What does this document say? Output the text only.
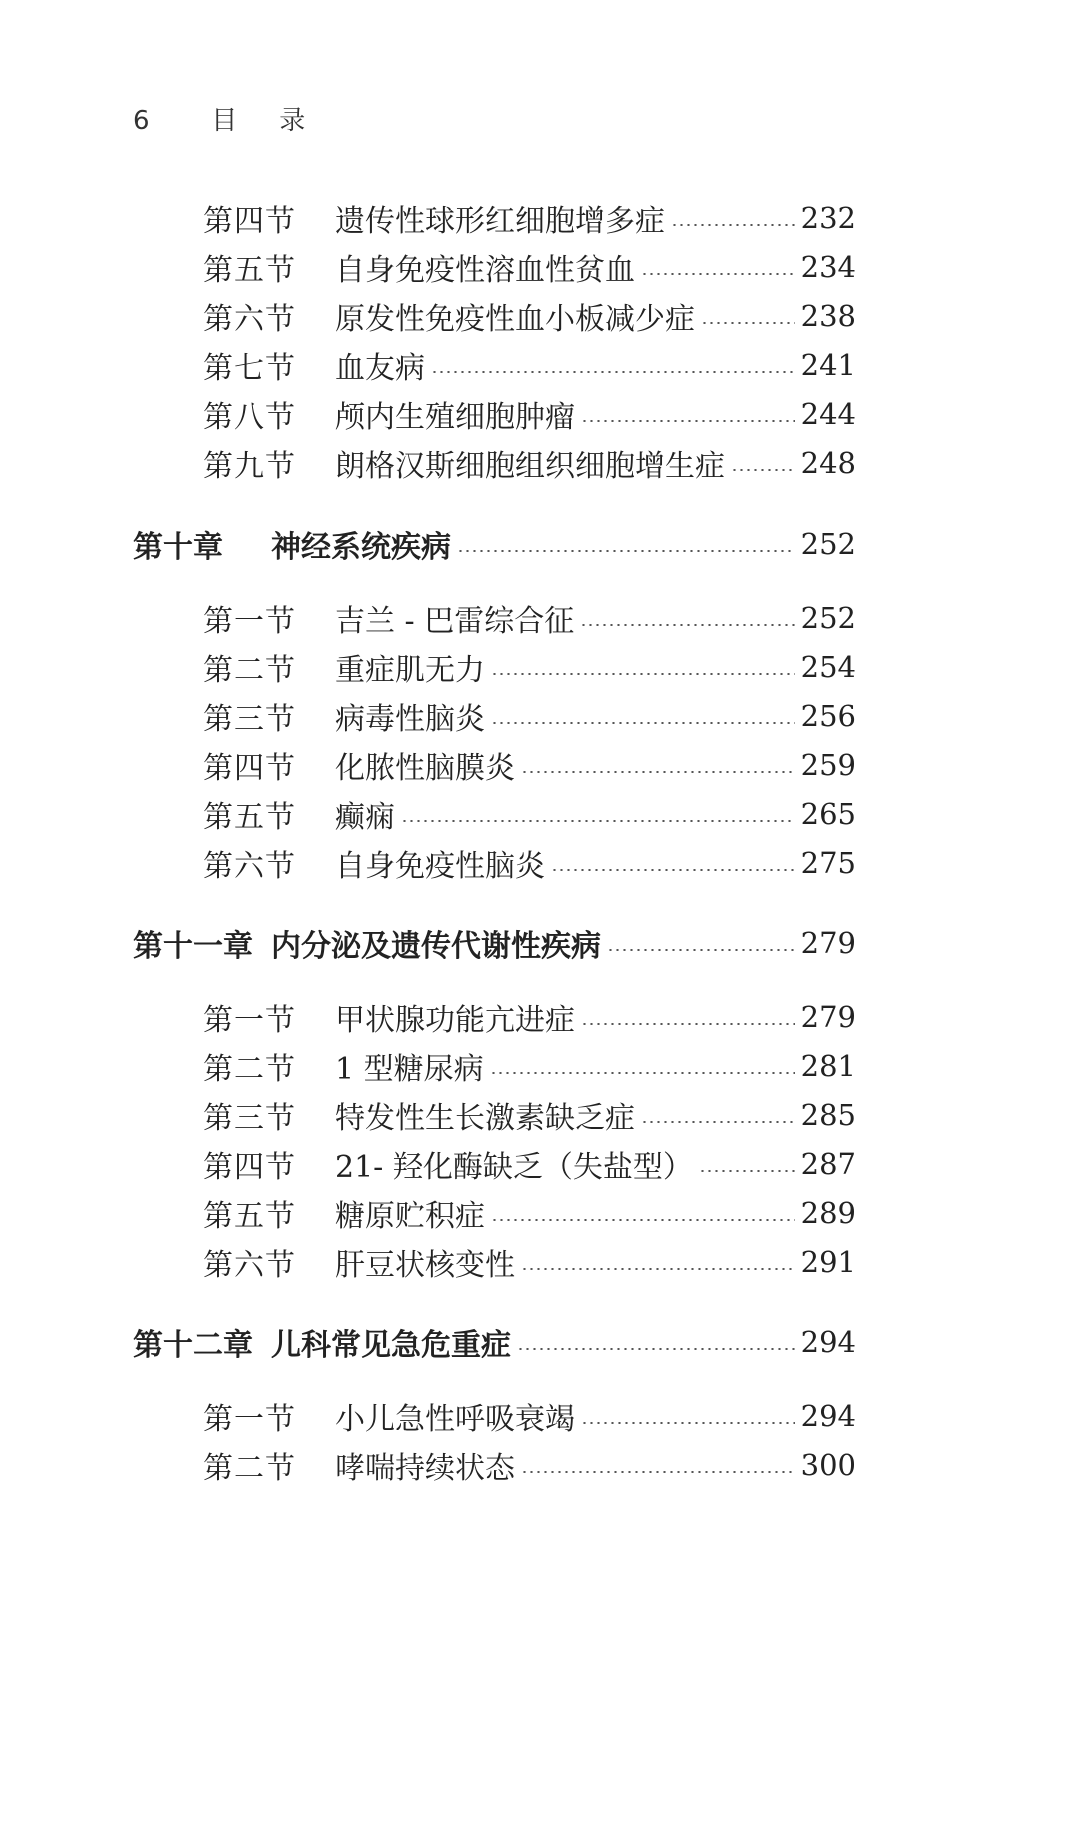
6 目录
第四节	遗传性球形红细胞增多症	232
第五节	自身免疫性溶血性贫血	234
第六节	原发性免疫性血小板减少症	238
第七节	血友病	241
第八节	颅内生殖细胞肿瘤	244
第九节	朗格汉斯细胞组织细胞增生症	248
第十章	神经系统疾病	252
第一节	吉兰 - 巴雷综合征	252
第二节	重症肌无力	254
第三节	病毒性脑炎	256
第四节	化脓性脑膜炎	259
第五节	癫痫	265
第六节	自身免疫性脑炎	275
第十一章 内分泌及遗传代谢性疾病	279
第一节	甲状腺功能亢进症	279
第二节	1 型糖尿病	281
第三节	特发性生长激素缺乏症	285
第四节	21- 羟化酶缺乏（失盐型）	287
第五节	糖原贮积症	289
第六节	肝豆状核变性	291
第十二章 儿科常见急危重症	294
第一节	小儿急性呼吸衰竭	294
第二节	哮喘持续状态	300
